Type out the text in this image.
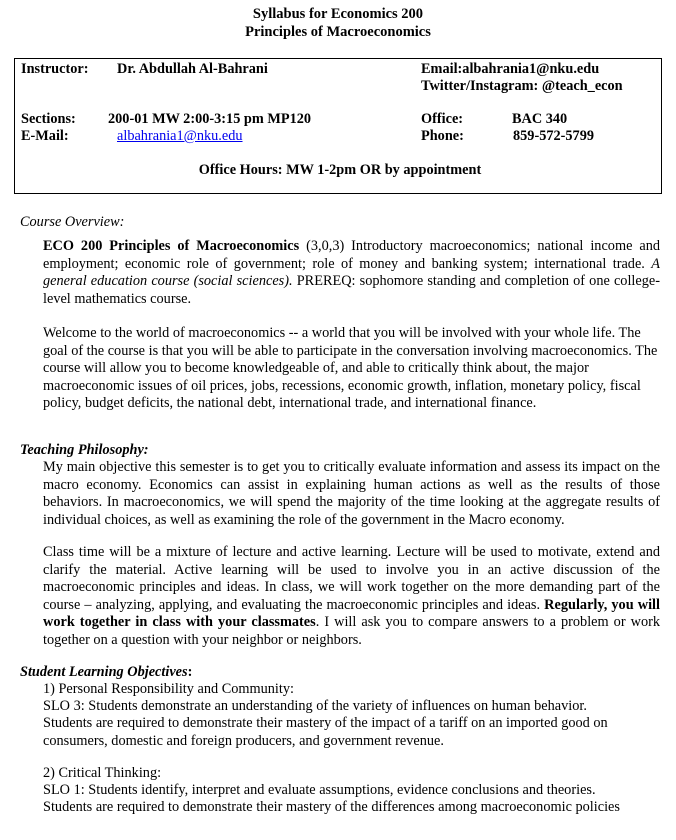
Syllabus for Economics 200
Principles of Macroeconomics
Instructor: Dr. Abdullah Al-Bahrani	Email:albahrania1@nku.edu
Twitter/Instagram: @teach_econ
Sections: 200-01 MW 2:00-3:15 pm MP120	Office:	BAC 340
E-Mail:	albahrania1@nku.edu	Phone:	859-572-5799
Office Hours: MW 1-2pm OR by appointment
Course Overview:
ECO 200 Principles of Macroeconomics (3,0,3) Introductory macroeconomics; national income and employment; economic role of government; role of money and banking system; international trade. A general education course (social sciences). PREREQ: sophomore standing and completion of one college-level mathematics course.
Welcome to the world of macroeconomics -- a world that you will be involved with your whole life. The goal of the course is that you will be able to participate in the conversation involving macroeconomics. The course will allow you to become knowledgeable of, and able to critically think about, the major macroeconomic issues of oil prices, jobs, recessions, economic growth, inflation, monetary policy, fiscal policy, budget deficits, the national debt, international trade, and international finance.
Teaching Philosophy:
My main objective this semester is to get you to critically evaluate information and assess its impact on the macro economy. Economics can assist in explaining human actions as well as the results of those behaviors. In macroeconomics, we will spend the majority of the time looking at the aggregate results of individual choices, as well as examining the role of the government in the Macro economy.
Class time will be a mixture of lecture and active learning. Lecture will be used to motivate, extend and clarify the material. Active learning will be used to involve you in an active discussion of the macroeconomic principles and ideas. In class, we will work together on the more demanding part of the course – analyzing, applying, and evaluating the macroeconomic principles and ideas. Regularly, you will work together in class with your classmates. I will ask you to compare answers to a problem or work together on a question with your neighbor or neighbors.
Student Learning Objectives:
1) Personal Responsibility and Community:
SLO 3: Students demonstrate an understanding of the variety of influences on human behavior.
Students are required to demonstrate their mastery of the impact of a tariff on an imported good on consumers, domestic and foreign producers, and government revenue.
2) Critical Thinking:
SLO 1: Students identify, interpret and evaluate assumptions, evidence conclusions and theories.
Students are required to demonstrate their mastery of the differences among macroeconomic policies
